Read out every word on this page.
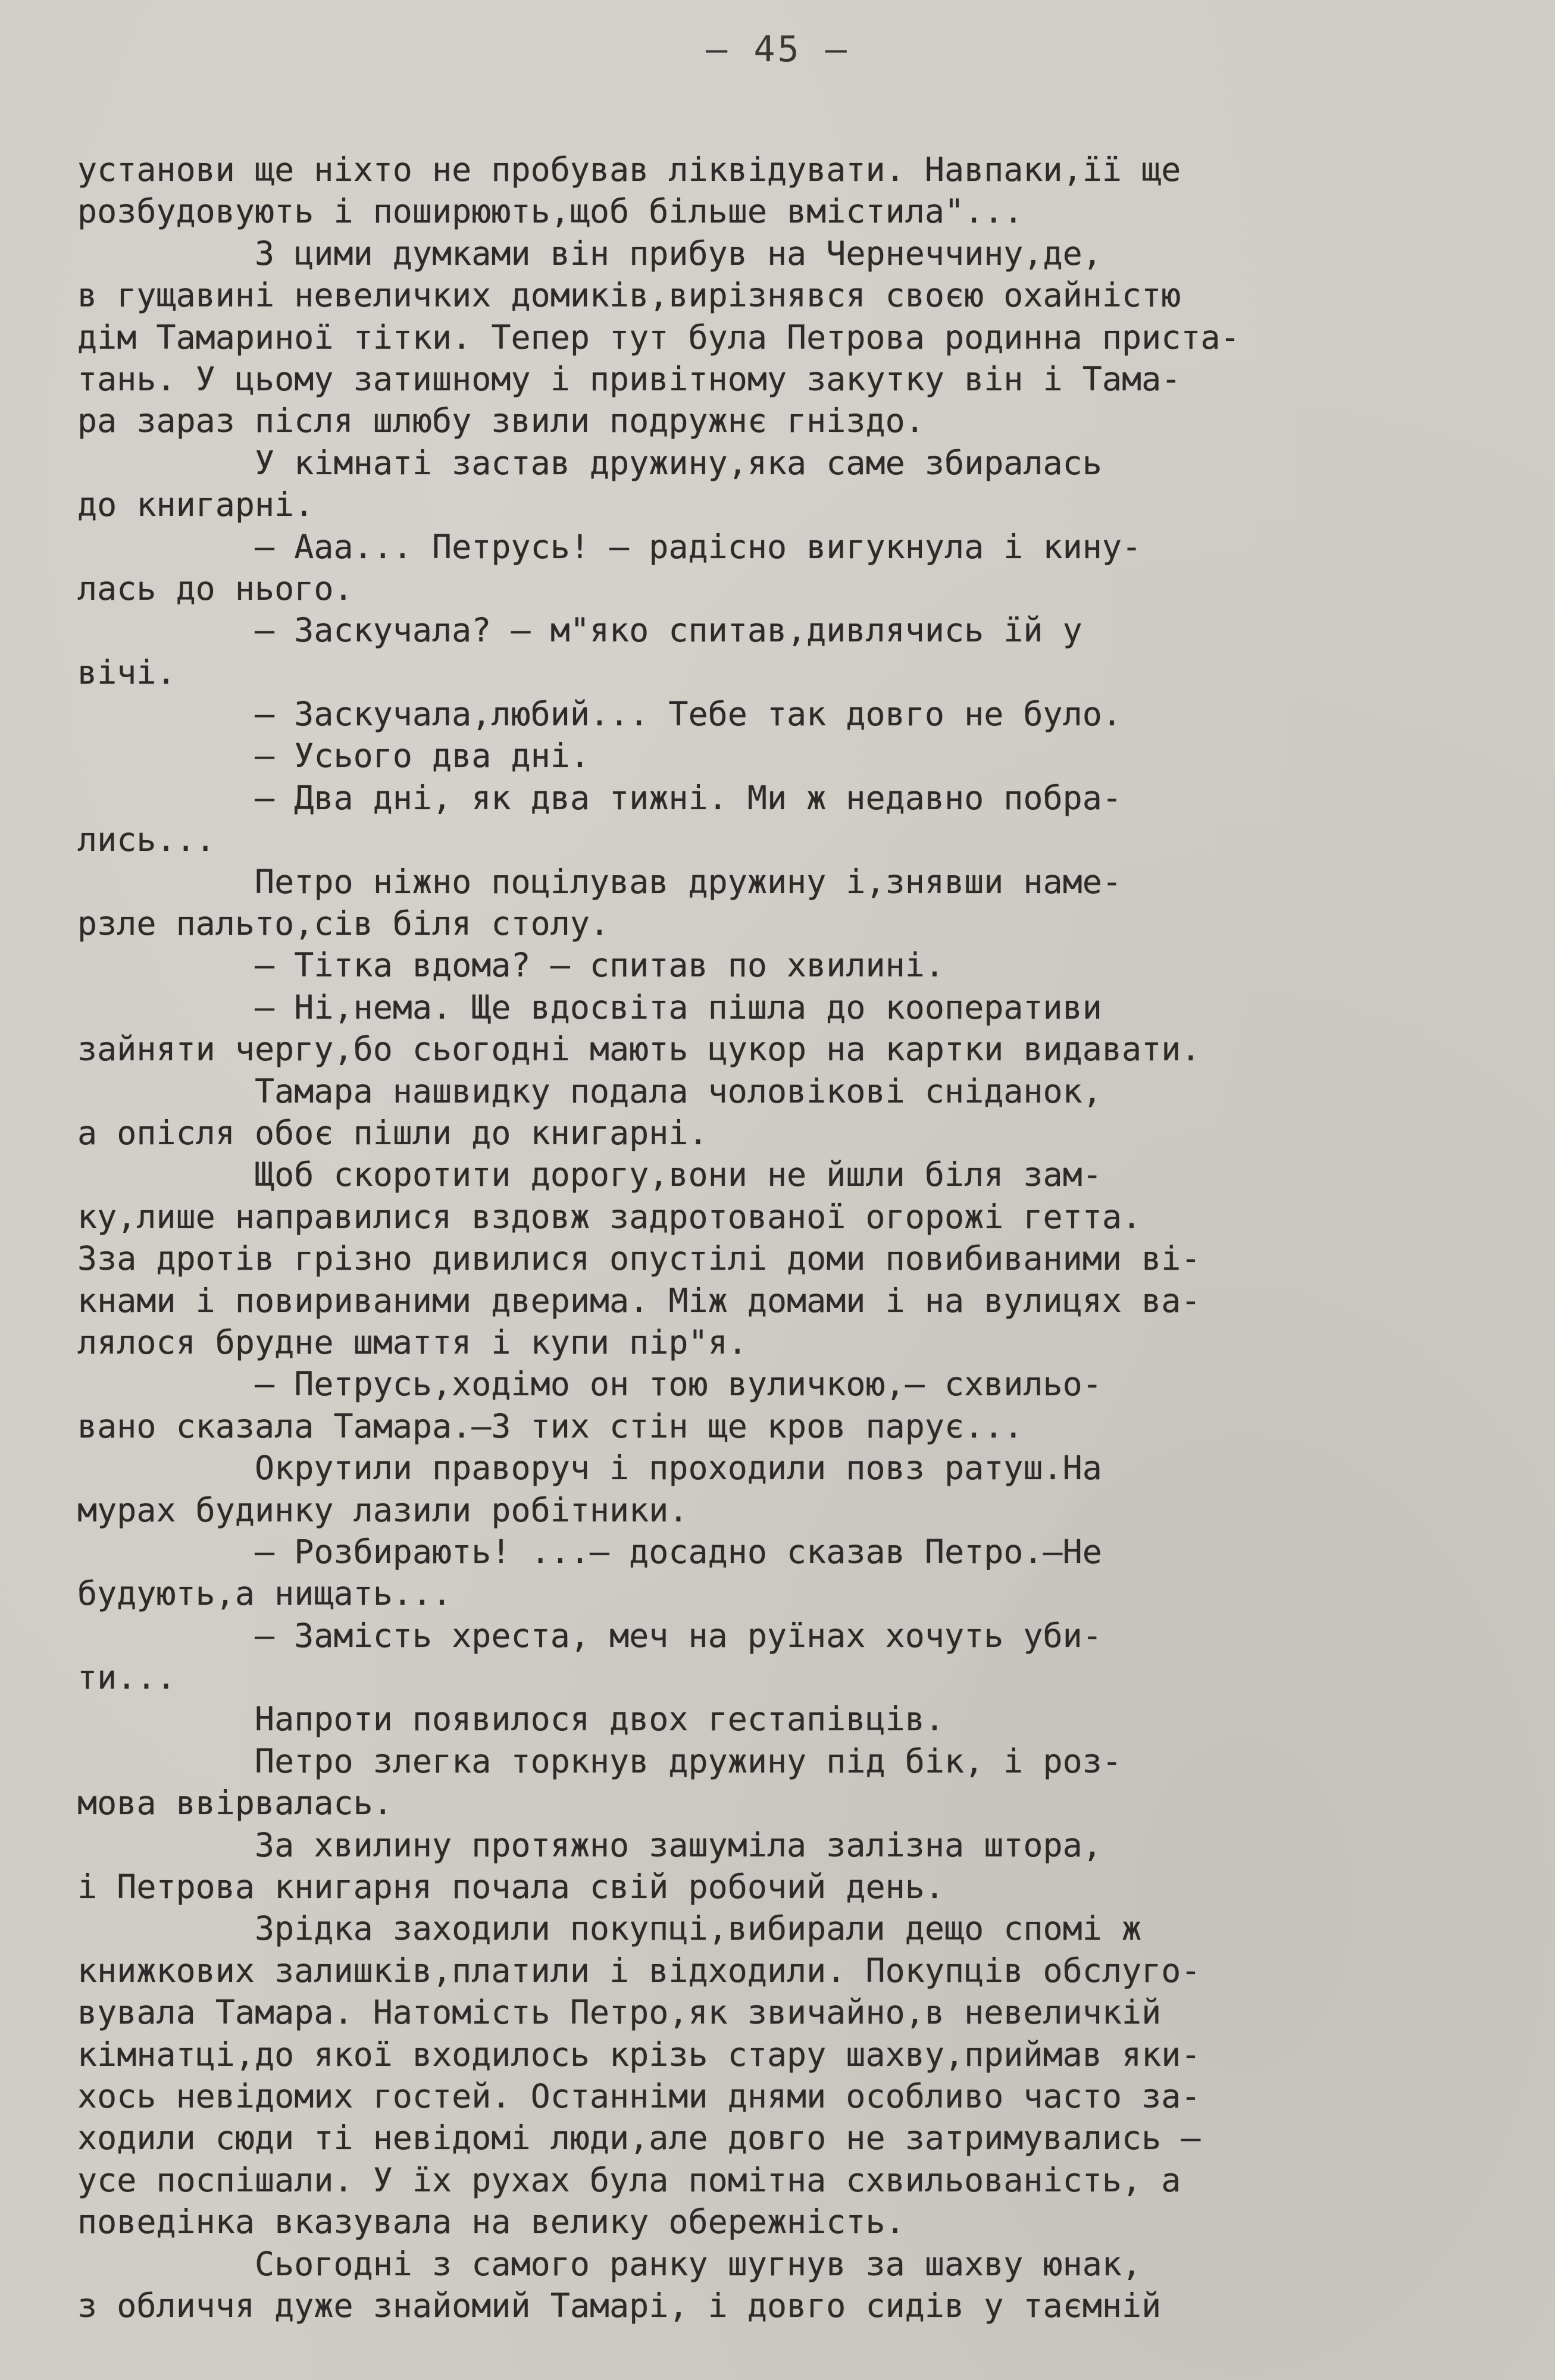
– 45 –
установи ще ніхто не пробував ліквідувати. Навпаки,її ще
розбудовують і поширюють,щоб більше вмістила"...
З цими думками він прибув на Чернеччину,де,
в гущавині невеличких домиків,вирізнявся своєю охайністю
дім Тамариної тітки. Тепер тут була Петрова родинна приста-
тань. У цьому затишному і привітному закутку він і Тама-
ра зараз після шлюбу звили подружнє гніздо.
У кімнаті застав дружину,яка саме збиралась
до книгарні.
– Ааа... Петрусь! – радісно вигукнула і кину-
лась до нього.
– Заскучала? – м"яко спитав,дивлячись їй у
вічі.
– Заскучала,любий... Тебе так довго не було.
– Усього два дні.
– Два дні, як два тижні. Ми ж недавно побра-
лись...
Петро ніжно поцілував дружину і,знявши наме-
рзле пальто,сів біля столу.
– Тітка вдома? – спитав по хвилині.
– Ні,нема. Ще вдосвіта пішла до кооперативи
зайняти чергу,бо сьогодні мають цукор на картки видавати.
Тамара нашвидку подала чоловікові сніданок,
а опісля обоє пішли до книгарні.
Щоб скоротити дорогу,вони не йшли біля зам-
ку,лише направилися вздовж задротованої огорожі гетта.
Зза дротів грізно дивилися опустілі доми повибиваними ві-
кнами і повириваними дверима. Між домами і на вулицях ва-
лялося брудне шмаття і купи пір"я.
– Петрусь,ходімо он тою вуличкою,– схвильо-
вано сказала Тамара.–З тих стін ще кров парує...
Окрутили праворуч і проходили повз ратуш.На
мурах будинку лазили робітники.
– Розбирають! ...– досадно сказав Петро.–Не
будують,а нищать...
– Замість хреста, меч на руїнах хочуть уби-
ти...
Напроти появилося двох гестапівців.
Петро злегка торкнув дружину під бік, і роз-
мова ввірвалась.
За хвилину протяжно зашуміла залізна штора,
і Петрова книгарня почала свій робочий день.
Зрідка заходили покупці,вибирали дещо спомі ж
книжкових залишків,платили і відходили. Покупців обслуго-
вувала Тамара. Натомість Петро,як звичайно,в невеличкій
кімнатці,до якої входилось крізь стару шахву,приймав яки-
хось невідомих гостей. Останніми днями особливо часто за-
ходили сюди ті невідомі люди,але довго не затримувались –
усе поспішали. У їх рухах була помітна схвильованість, а
поведінка вказувала на велику обережність.
Сьогодні з самого ранку шугнув за шахву юнак,
з обличчя дуже знайомий Тамарі, і довго сидів у таємній
